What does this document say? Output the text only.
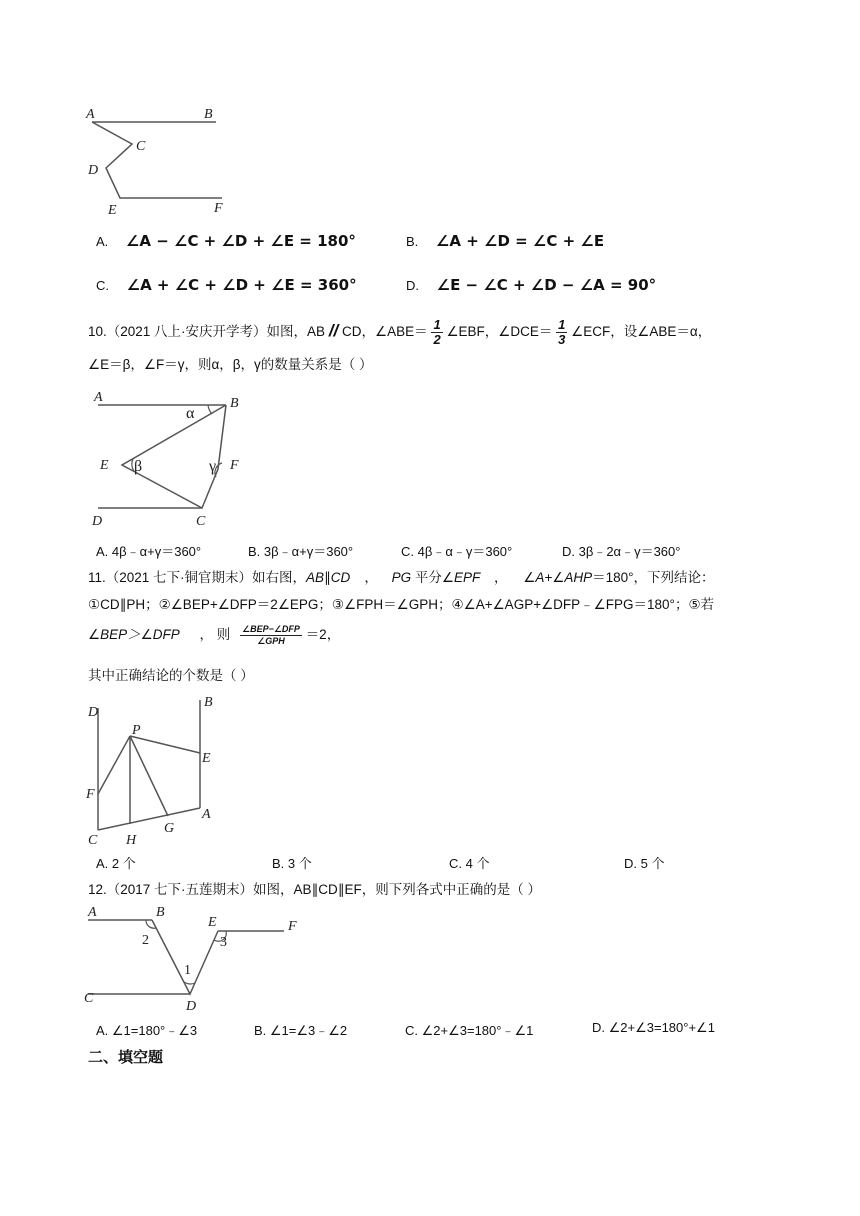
A	B
C
D
E	F
A. ∠A − ∠C + ∠D + ∠E = 180°	B. ∠A + ∠D = ∠C + ∠E
C. ∠A + ∠C + ∠D + ∠E = 360°	D. ∠E − ∠C + ∠D − ∠A = 90°
10.（2021 八上·安庆开学考）如图，AB // CD，∠ABE＝ $\frac{1}{2}$ ∠EBF，∠DCE＝ $\frac{1}{3}$ ∠ECF，设∠ABE＝α，
∠E＝β，∠F＝γ，则α，β，γ的数量关系是（ ）
A	B
E	F
D	C
α
β	γ
A. 4β﹣α+γ＝360°	B. 3β﹣α+γ＝360°	C. 4β﹣α﹣γ＝360°	D. 3β﹣2α﹣γ＝360°
11.（2021 七下·铜官期末）如右图，AB∥CD ， PG 平分∠EPF ， ∠A+∠AHP＝180°，下列结论：
①CD∥PH；②∠BEP+∠DFP＝2∠EPG；③∠FPH＝∠GPH；④∠A+∠AGP+∠DFP﹣∠FPG＝180°；⑤若
∠BEP＞∠DFP ， 则 $\frac{\text{∠BEP−∠DFP}}{\text{∠GPH}} =2$，
其中正确结论的个数是（ ）
D
B
P
E
F
A
C H
G
A. 2 个	B. 3 个	C. 4 个	D. 5 个
12.（2017 七下·五莲期末）如图，AB∥CD∥EF，则下列各式中正确的是（ ）
A	B
E	F
C
D
1
2	3
A. ∠1=180°﹣∠3	B. ∠1=∠3﹣∠2	C. ∠2+∠3=180°﹣∠1	D. ∠2+∠3=180°+∠1
二、填空题
